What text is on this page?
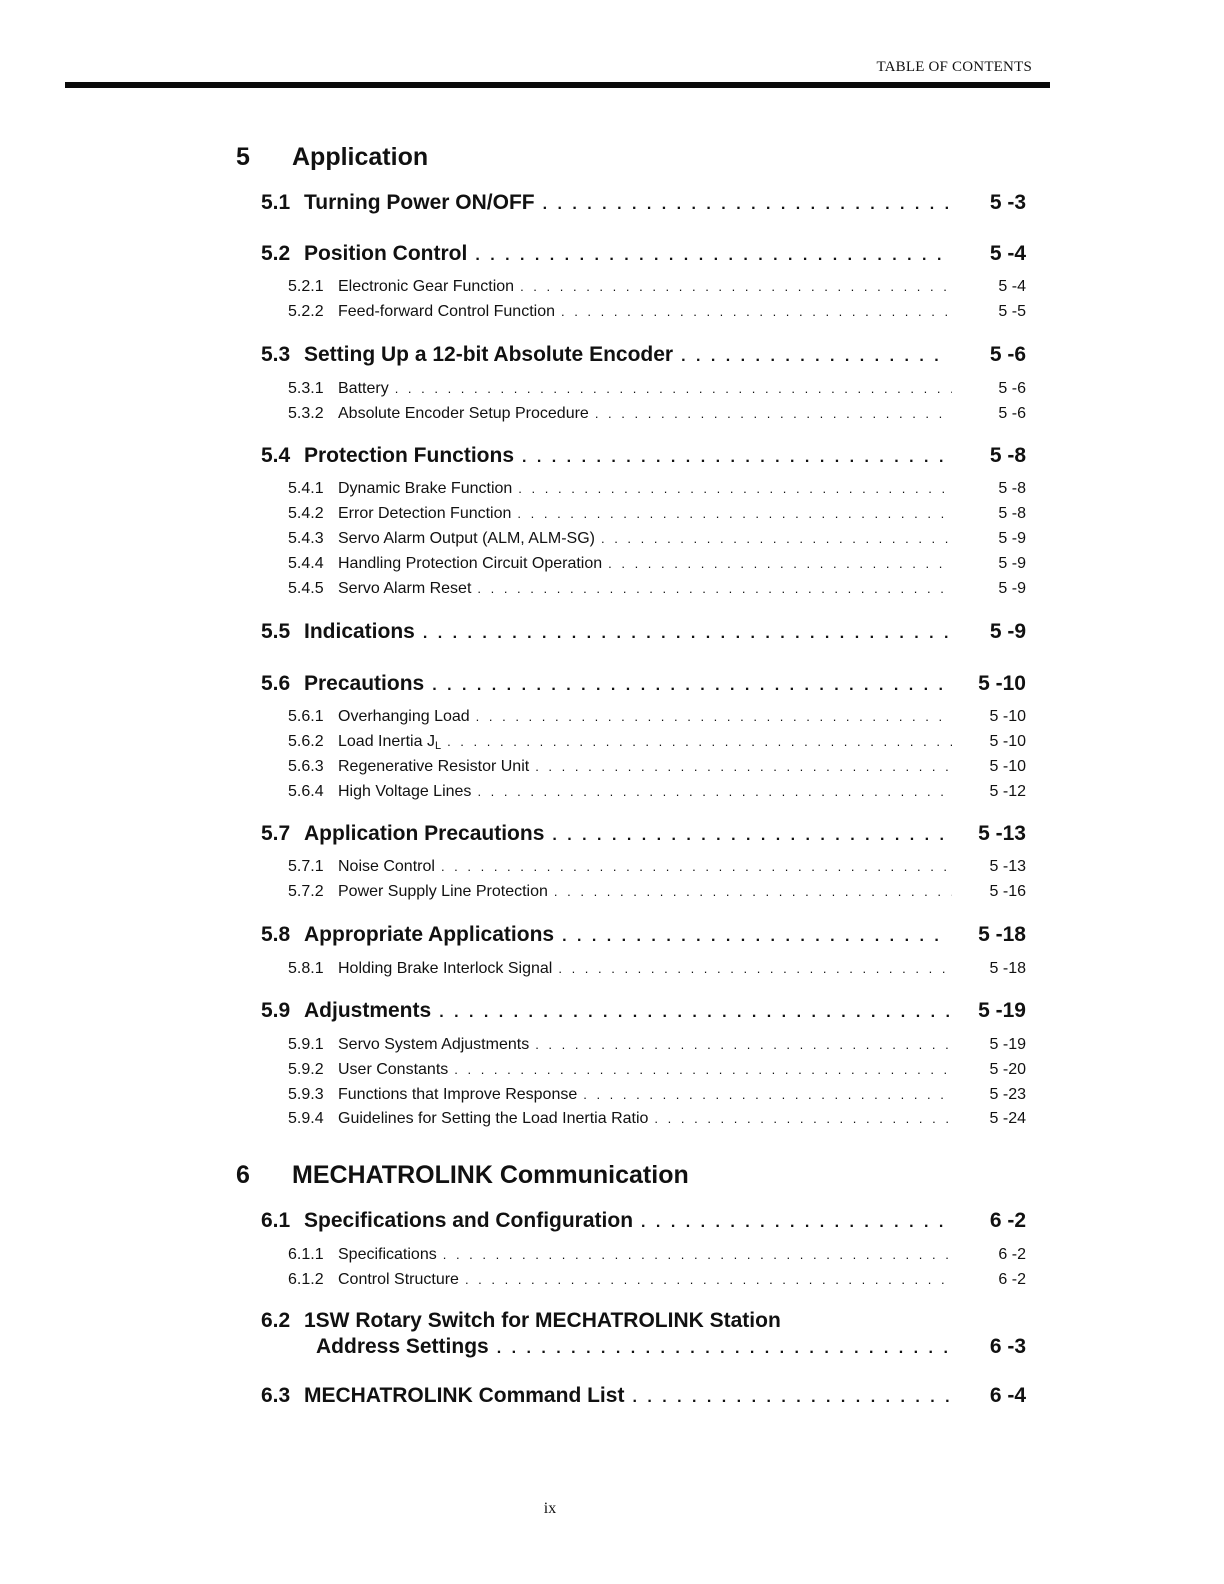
TABLE OF CONTENTS
5	Application
5.1 Turning Power ON/OFF . . .	5 -3
5.2 Position Control . . .	5 -4
5.2.1 Electronic Gear Function . . .	5 -4
5.2.2 Feed-forward Control Function . . .	5 -5
5.3 Setting Up a 12-bit Absolute Encoder . . .	5 -6
5.3.1 Battery . . .	5 -6
5.3.2 Absolute Encoder Setup Procedure . . .	5 -6
5.4 Protection Functions . . .	5 -8
5.4.1 Dynamic Brake Function . . .	5 -8
5.4.2 Error Detection Function . . .	5 -8
5.4.3 Servo Alarm Output (ALM, ALM-SG) . . .	5 -9
5.4.4 Handling Protection Circuit Operation . . .	5 -9
5.4.5 Servo Alarm Reset . . .	5 -9
5.5 Indications . . .	5 -9
5.6 Precautions . . .	5 -10
5.6.1 Overhanging Load . . .	5 -10
5.6.2 Load Inertia JL . . .	5 -10
5.6.3 Regenerative Resistor Unit . . .	5 -10
5.6.4 High Voltage Lines . . .	5 -12
5.7 Application Precautions . . .	5 -13
5.7.1 Noise Control . . .	5 -13
5.7.2 Power Supply Line Protection . . .	5 -16
5.8 Appropriate Applications . . .	5 -18
5.8.1 Holding Brake Interlock Signal . . .	5 -18
5.9 Adjustments . . .	5 -19
5.9.1 Servo System Adjustments . . .	5 -19
5.9.2 User Constants . . .	5 -20
5.9.3 Functions that Improve Response . . .	5 -23
5.9.4 Guidelines for Setting the Load Inertia Ratio . . .	5 -24
6	MECHATROLINK Communication
6.1 Specifications and Configuration . . .	6 -2
6.1.1 Specifications . . .	6 -2
6.1.2 Control Structure . . .	6 -2
6.2 1SW Rotary Switch for MECHATROLINK Station
Address Settings . . .	6 -3
6.3 MECHATROLINK Command List . . .	6 -4
ix
